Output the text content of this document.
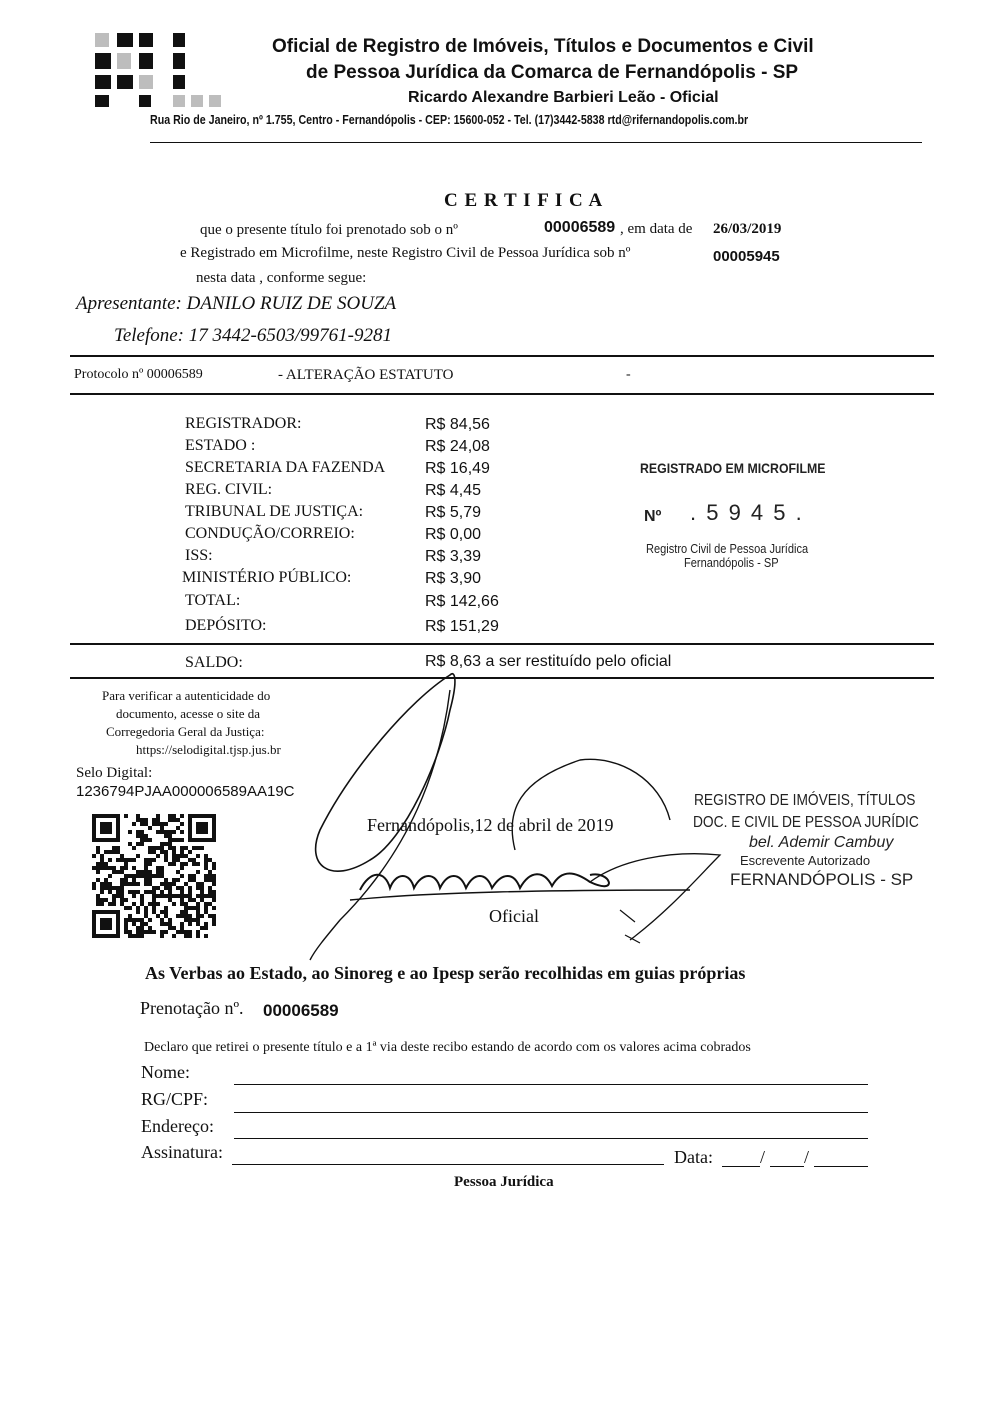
Oficial de Registro de Imóveis, Títulos e Documentos e Civil
de Pessoa Jurídica da Comarca de Fernandópolis - SP
Ricardo Alexandre Barbieri Leão - Oficial
Rua Rio de Janeiro, nº 1.755, Centro - Fernandópolis - CEP: 15600-052 - Tel. (17)3442-5838 rtd@rifernandopolis.com.br
C E R T I F I C A
que o presente título foi prenotado sob o nº	00006589 , em data de 26/03/2019
e Registrado em Microfilme, neste Registro Civil de Pessoa Jurídica sob nº	00005945
nesta data , conforme segue:
Apresentante: DANILO RUIZ DE SOUZA
Telefone: 17 3442-6503/99761-9281
Protocolo nº 00006589	- ALTERAÇÃO ESTATUTO	-
REGISTRADOR:	R$ 84,56
ESTADO :	R$ 24,08
SECRETARIA DA FAZENDA R$ 16,49
REG. CIVIL:	R$ 4,45
TRIBUNAL DE JUSTIÇA:	R$ 5,79
CONDUÇÃO/CORREIO:	R$ 0,00
ISS:	R$ 3,39
MINISTÉRIO PÚBLICO:	R$ 3,90
TOTAL:	R$ 142,66
DEPÓSITO:	R$ 151,29
REGISTRADO EM MICROFILME
Nº . 5 9 4 5 .
Registro Civil de Pessoa Jurídica
Fernandópolis - SP
SALDO:	R$ 8,63 a ser restituído pelo oficial
Para verificar a autenticidade do
documento, acesse o site da
Corregedoria Geral da Justiça:
https://selodigital.tjsp.jus.br
Selo Digital:
1236794PJAA000006589AA19C
Fernandópolis,12 de abril de 2019
Oficial
REGISTRO DE IMÓVEIS, TÍTULOS
DOC. E CIVIL DE PESSOA JURÍDIC
bel. Ademir Cambuy
Escrevente Autorizado
FERNANDÓPOLIS - SP
As Verbas ao Estado, ao Sinoreg e ao Ipesp serão recolhidas em guias próprias
Prenotação nº. 00006589
Declaro que retirei o presente título e a 1ª via deste recibo estando de acordo com os valores acima cobrados
Nome:
RG/CPF:
Endereço:
Assinatura:	Data:	/ /
Pessoa Jurídica
